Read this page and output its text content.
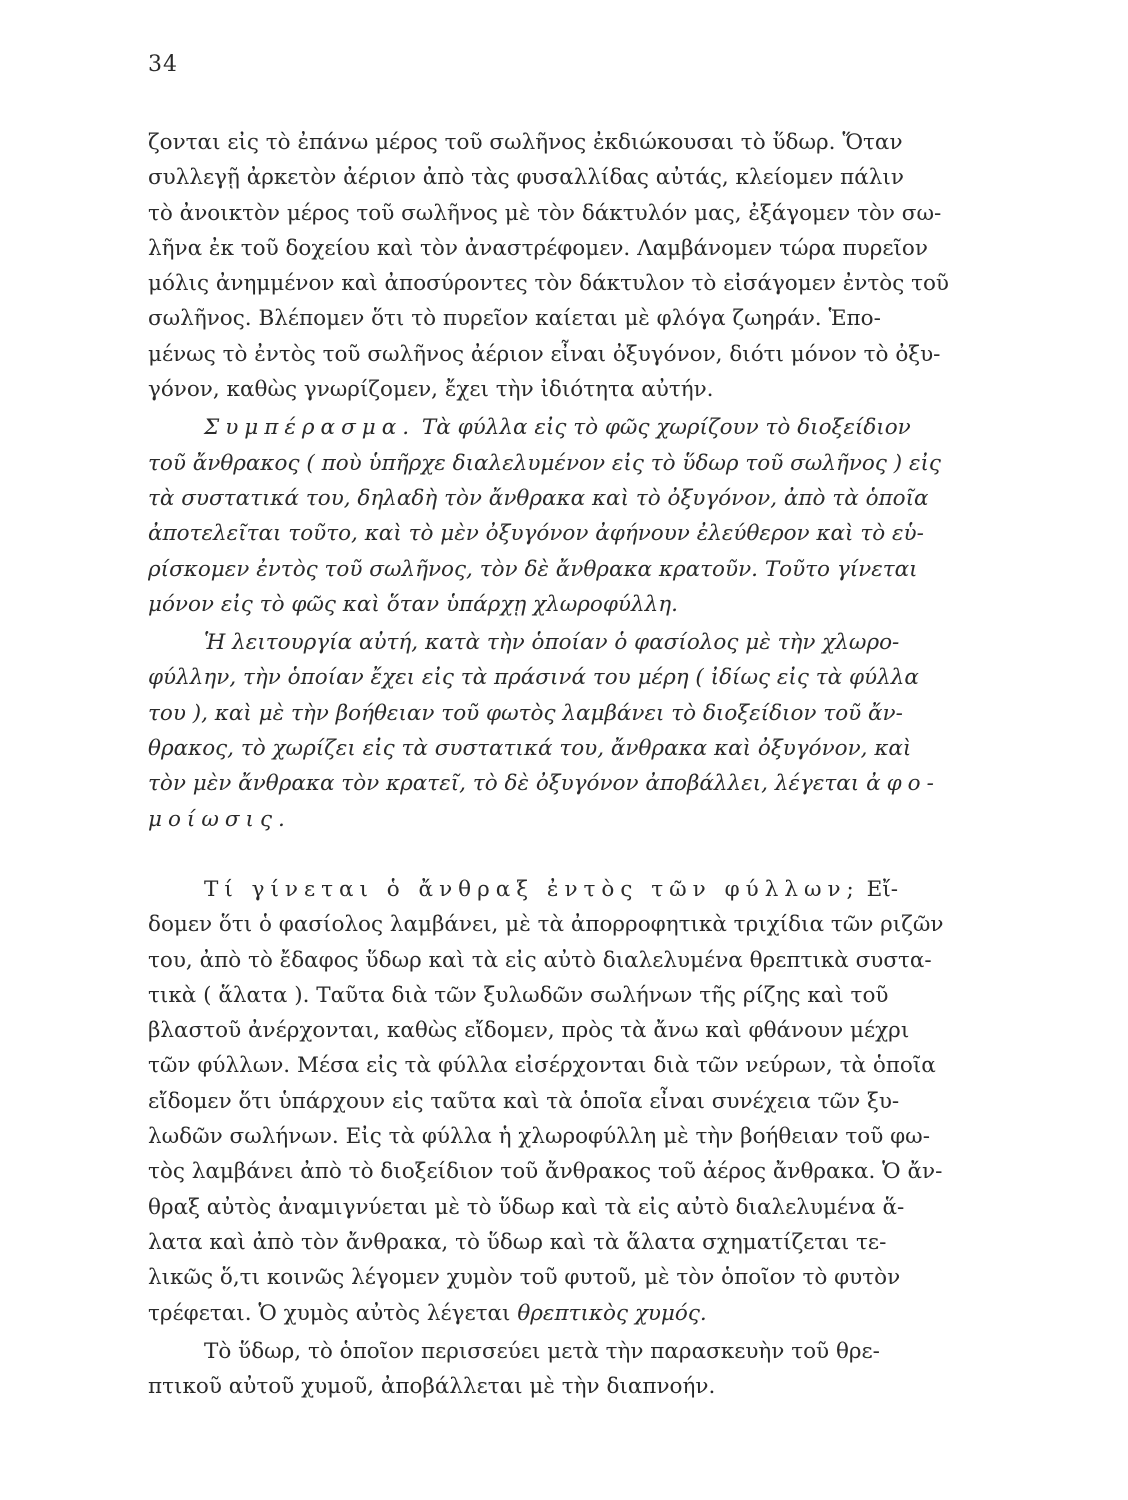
34
ζονται εἰς τὸ ἐπάνω μέρος τοῦ σωλῆνος ἐκδιώκουσαι τὸ ὕδωρ. Ὅταν
συλλεγῇ ἀρκετὸν ἀέριον ἀπὸ τὰς φυσαλλίδας αὐτάς, κλείομεν πάλιν
τὸ ἀνοικτὸν μέρος τοῦ σωλῆνος μὲ τὸν δάκτυλόν μας, ἐξάγομεν τὸν σω-
λῆνα ἐκ τοῦ δοχείου καὶ τὸν ἀναστρέφομεν. Λαμβάνομεν τώρα πυρεῖον
μόλις ἀνημμένον καὶ ἀποσύροντες τὸν δάκτυλον τὸ εἰσάγομεν ἐντὸς τοῦ
σωλῆνος. Βλέπομεν ὅτι τὸ πυρεῖον καίεται μὲ φλόγα ζωηράν. Ἑπο-
μένως τὸ ἐντὸς τοῦ σωλῆνος ἀέριον εἶναι ὀξυγόνον, διότι μόνον τὸ ὀξυ-
γόνον, καθὼς γνωρίζομεν, ἔχει τὴν ἰδιότητα αὐτήν.
Συμπέρασμα. Τὰ φύλλα εἰς τὸ φῶς χωρίζουν τὸ διοξείδιον
τοῦ ἄνθρακος ( ποὺ ὑπῆρχε διαλελυμένον εἰς τὸ ὕδωρ τοῦ σωλῆνος ) εἰς
τὰ συστατικά του, δηλαδὴ τὸν ἄνθρακα καὶ τὸ ὀξυγόνον, ἀπὸ τὰ ὁποῖα
ἀποτελεῖται τοῦτο, καὶ τὸ μὲν ὀξυγόνον ἀφήνουν ἐλεύθερον καὶ τὸ εὑ-
ρίσκομεν ἐντὸς τοῦ σωλῆνος, τὸν δὲ ἄνθρακα κρατοῦν. Τοῦτο γίνεται
μόνον εἰς τὸ φῶς καὶ ὅταν ὑπάρχῃ χλωροφύλλη.
Ἡ λειτουργία αὐτή, κατὰ τὴν ὁποίαν ὁ φασίολος μὲ τὴν χλωρο-
φύλλην, τὴν ὁποίαν ἔχει εἰς τὰ πράσινά του μέρη ( ἰδίως εἰς τὰ φύλλα
του ), καὶ μὲ τὴν βοήθειαν τοῦ φωτὸς λαμβάνει τὸ διοξείδιον τοῦ ἄν-
θρακος, τὸ χωρίζει εἰς τὰ συστατικά του, ἄνθρακα καὶ ὀξυγόνον, καὶ
τὸν μὲν ἄνθρακα τὸν κρατεῖ, τὸ δὲ ὀξυγόνον ἀποβάλλει, λέγεται ἀφο-
μοίωσις.
Τί γίνεται ὁ ἄνθραξ ἐντὸς τῶν φύλλων; Εἴ-
δομεν ὅτι ὁ φασίολος λαμβάνει, μὲ τὰ ἀπορροφητικὰ τριχίδια τῶν ριζῶν
του, ἀπὸ τὸ ἔδαφος ὕδωρ καὶ τὰ εἰς αὐτὸ διαλελυμένα θρεπτικὰ συστα-
τικὰ ( ἅλατα ). Ταῦτα διὰ τῶν ξυλωδῶν σωλήνων τῆς ρίζης καὶ τοῦ
βλαστοῦ ἀνέρχονται, καθὼς εἴδομεν, πρὸς τὰ ἄνω καὶ φθάνουν μέχρι
τῶν φύλλων. Μέσα εἰς τὰ φύλλα εἰσέρχονται διὰ τῶν νεύρων, τὰ ὁποῖα
εἴδομεν ὅτι ὑπάρχουν εἰς ταῦτα καὶ τὰ ὁποῖα εἶναι συνέχεια τῶν ξυ-
λωδῶν σωλήνων. Εἰς τὰ φύλλα ἡ χλωροφύλλη μὲ τὴν βοήθειαν τοῦ φω-
τὸς λαμβάνει ἀπὸ τὸ διοξείδιον τοῦ ἄνθρακος τοῦ ἀέρος ἄνθρακα. Ὁ ἄν-
θραξ αὐτὸς ἀναμιγνύεται μὲ τὸ ὕδωρ καὶ τὰ εἰς αὐτὸ διαλελυμένα ἅ-
λατα καὶ ἀπὸ τὸν ἄνθρακα, τὸ ὕδωρ καὶ τὰ ἅλατα σχηματίζεται τε-
λικῶς ὅ,τι κοινῶς λέγομεν χυμὸν τοῦ φυτοῦ, μὲ τὸν ὁποῖον τὸ φυτὸν
τρέφεται. Ὁ χυμὸς αὐτὸς λέγεται θρεπτικὸς χυμός.
Τὸ ὕδωρ, τὸ ὁποῖον περισσεύει μετὰ τὴν παρασκευὴν τοῦ θρε-
πτικοῦ αὐτοῦ χυμοῦ, ἀποβάλλεται μὲ τὴν διαπνοήν.
